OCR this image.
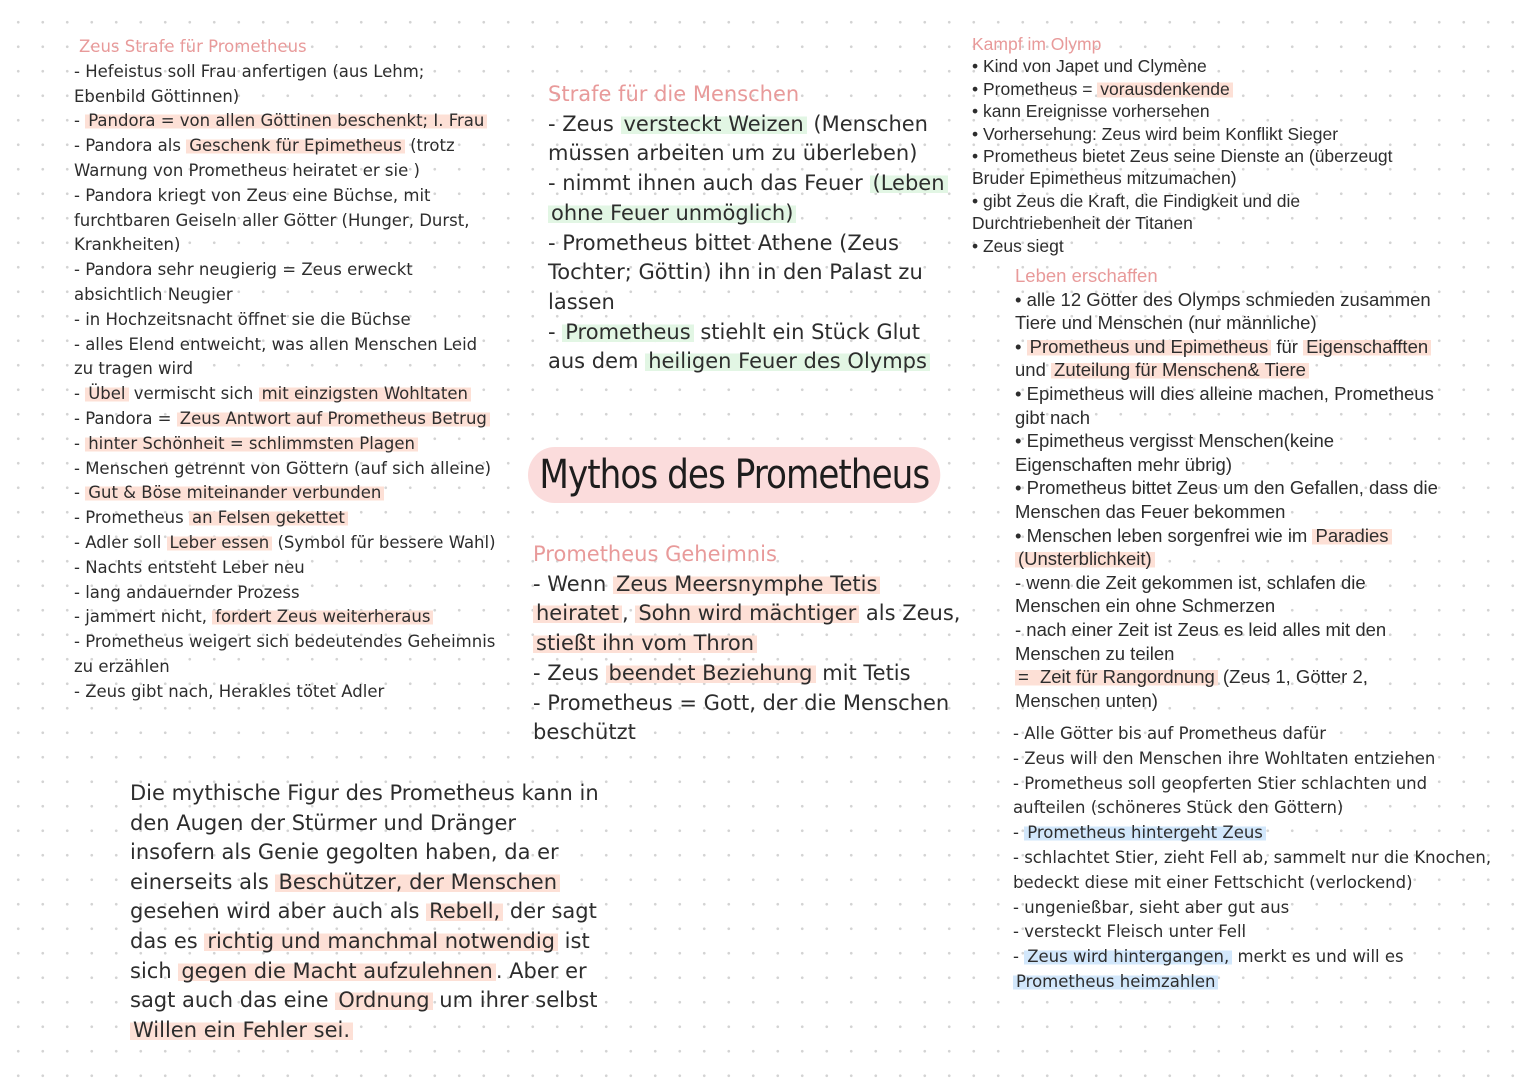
Zeus Strafe für Prometheus
- Hefeistus soll Frau anfertigen (aus Lehm;
Ebenbild Göttinnen)
- Pandora = von allen Göttinen beschenkt; I. Frau
- Pandora als Geschenk für Epimetheus (trotz
Warnung von Prometheus heiratet er sie )
- Pandora kriegt von Zeus eine Büchse, mit
furchtbaren Geiseln aller Götter (Hunger, Durst,
Krankheiten)
- Pandora sehr neugierig = Zeus erweckt
absichtlich Neugier
- in Hochzeitsnacht öffnet sie die Büchse
- alles Elend entweicht, was allen Menschen Leid
zu tragen wird
- Übel vermischt sich mit einzigsten Wohltaten
- Pandora = Zeus Antwort auf Prometheus Betrug
- hinter Schönheit = schlimmsten Plagen
- Menschen getrennt von Göttern (auf sich alleine)
- Gut & Böse miteinander verbunden
- Prometheus an Felsen gekettet
- Adler soll Leber essen (Symbol für bessere Wahl)
- Nachts entsteht Leber neu
- lang andauernder Prozess
- jammert nicht, fordert Zeus weiterheraus
- Prometheus weigert sich bedeutendes Geheimnis
zu erzählen
- Zeus gibt nach, Herakles tötet Adler
Strafe für die Menschen
- Zeus versteckt Weizen (Menschen
müssen arbeiten um zu überleben)
- nimmt ihnen auch das Feuer (Leben
ohne Feuer unmöglich)
- Prometheus bittet Athene (Zeus
Tochter; Göttin) ihn in den Palast zu
lassen
- Prometheus stiehlt ein Stück Glut
aus dem heiligen Feuer des Olymps
Mythos des Prometheus
Prometheus Geheimnis
- Wenn Zeus Meersnymphe Tetis
heiratet , Sohn wird mächtiger als Zeus,
stießt ihn vom Thron
- Zeus beendet Beziehung mit Tetis
- Prometheus = Gott, der die Menschen
beschützt
Die mythische Figur des Prometheus kann in
den Augen der Stürmer und Dränger
insofern als Genie gegolten haben, da er
einerseits als Beschützer, der Menschen
gesehen wird aber auch als Rebell, der sagt
das es richtig und manchmal notwendig ist
sich gegen die Macht aufzulehnen . Aber er
sagt auch das eine Ordnung um ihrer selbst
Willen ein Fehler sei.
Kampf im Olymp
• Kind von Japet und Clymène
• Prometheus = vorausdenkende
• kann Ereignisse vorhersehen
• Vorhersehung: Zeus wird beim Konflikt Sieger
• Prometheus bietet Zeus seine Dienste an (überzeugt
Bruder Epimetheus mitzumachen)
• gibt Zeus die Kraft, die Findigkeit und die
Durchtriebenheit der Titanen
• Zeus siegt
Leben erschaffen
• alle 12 Götter des Olymps schmieden zusammen
Tiere und Menschen (nur männliche)
• Prometheus und Epimetheus für Eigenschafften
und Zuteilung für Menschen& Tiere
• Epimetheus will dies alleine machen, Prometheus
gibt nach
• Epimetheus vergisst Menschen(keine
Eigenschaften mehr übrig)
• Prometheus bittet Zeus um den Gefallen, dass die
Menschen das Feuer bekommen
• Menschen leben sorgenfrei wie im Paradies
(Unsterblichkeit)
- wenn die Zeit gekommen ist, schlafen die
Menschen ein ohne Schmerzen
- nach einer Zeit ist Zeus es leid alles mit den
Menschen zu teilen
= Zeit für Rangordnung (Zeus 1, Götter 2,
Menschen unten)
- Alle Götter bis auf Prometheus dafür
- Zeus will den Menschen ihre Wohltaten entziehen
- Prometheus soll geopferten Stier schlachten und
aufteilen (schöneres Stück den Göttern)
- Prometheus hintergeht Zeus
- schlachtet Stier, zieht Fell ab, sammelt nur die Knochen,
bedeckt diese mit einer Fettschicht (verlockend)
- ungenießbar, sieht aber gut aus
- versteckt Fleisch unter Fell
- Zeus wird hintergangen, merkt es und will es
Prometheus heimzahlen
